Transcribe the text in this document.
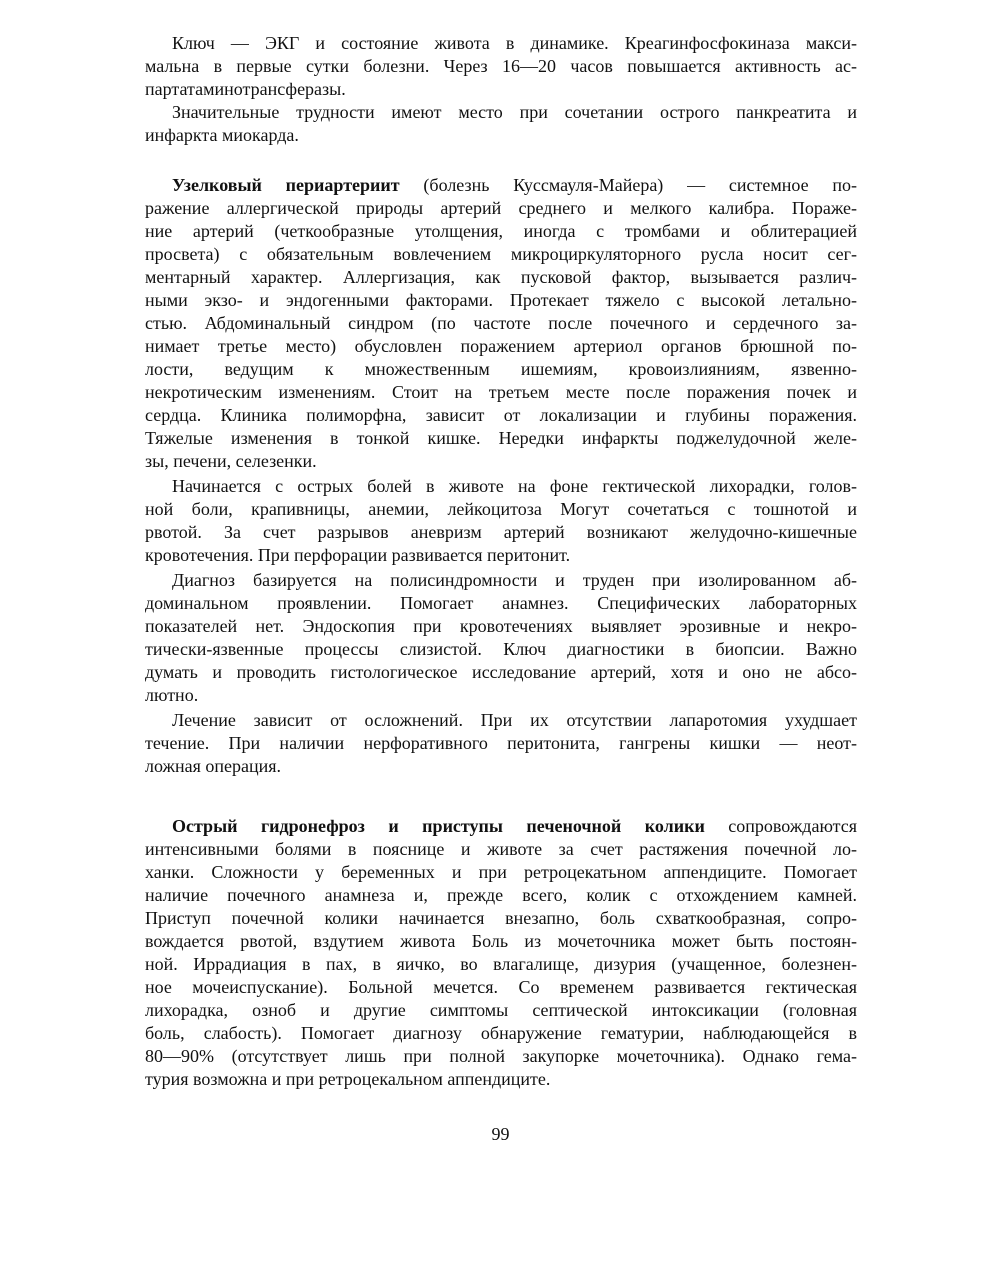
Ключ — ЭКГ и состояние живота в динамике. Креагинфосфокиназа макси-
мальна в первые сутки болезни. Через 16—20 часов повышается активность ас-
партатаминотрансферазы.
Значительные трудности имеют место при сочетании острого панкреатита и
инфаркта миокарда.
Узелковый периартериит (болезнь Куссмауля-Майера) — системное по-
ражение аллергической природы артерий среднего и мелкого калибра. Пораже-
ние артерий (четкообразные утолщения, иногда с тромбами и облитерацией
просвета) с обязательным вовлечением микроциркуляторного русла носит сег-
ментарный характер. Аллергизация, как пусковой фактор, вызывается различ-
ными экзо- и эндогенными факторами. Протекает тяжело с высокой летально-
стью. Абдоминальный синдром (по частоте после почечного и сердечного за-
нимает третье место) обусловлен поражением артериол органов брюшной по-
лости, ведущим к множественным ишемиям, кровоизлияниям, язвенно-
некротическим изменениям. Стоит на третьем месте после поражения почек и
сердца. Клиника полиморфна, зависит от локализации и глубины поражения.
Тяжелые изменения в тонкой кишке. Нередки инфаркты поджелудочной желе-
зы, печени, селезенки.
Начинается с острых болей в животе на фоне гектической лихорадки, голов-
ной боли, крапивницы, анемии, лейкоцитоза Могут сочетаться с тошнотой и
рвотой. За счет разрывов аневризм артерий возникают желудочно-кишечные
кровотечения. При перфорации развивается перитонит.
Диагноз базируется на полисиндромности и труден при изолированном аб-
доминальном проявлении. Помогает анамнез. Специфических лабораторных
показателей нет. Эндоскопия при кровотечениях выявляет эрозивные и некро-
тически-язвенные процессы слизистой. Ключ диагностики в биопсии. Важно
думать и проводить гистологическое исследование артерий, хотя и оно не абсо-
лютно.
Лечение зависит от осложнений. При их отсутствии лапаротомия ухудшает
течение. При наличии нерфоративного перитонита, гангрены кишки — неот-
ложная операция.
Острый гидронефроз и приступы печеночной колики сопровождаются
интенсивными болями в пояснице и животе за счет растяжения почечной ло-
ханки. Сложности у беременных и при ретроцекатьном аппендиците. Помогает
наличие почечного анамнеза и, прежде всего, колик с отхождением камней.
Приступ почечной колики начинается внезапно, боль схваткообразная, сопро-
вождается рвотой, вздутием живота Боль из мочеточника может быть постоян-
ной. Иррадиация в пах, в яичко, во влагалище, дизурия (учащенное, болезнен-
ное мочеиспускание). Больной мечется. Со временем развивается гектическая
лихорадка, озноб и другие симптомы септической интоксикации (головная
боль, слабость). Помогает диагнозу обнаружение гематурии, наблюдающейся в
80—90% (отсутствует лишь при полной закупорке мочеточника). Однако гема-
турия возможна и при ретроцекальном аппендиците.
99
